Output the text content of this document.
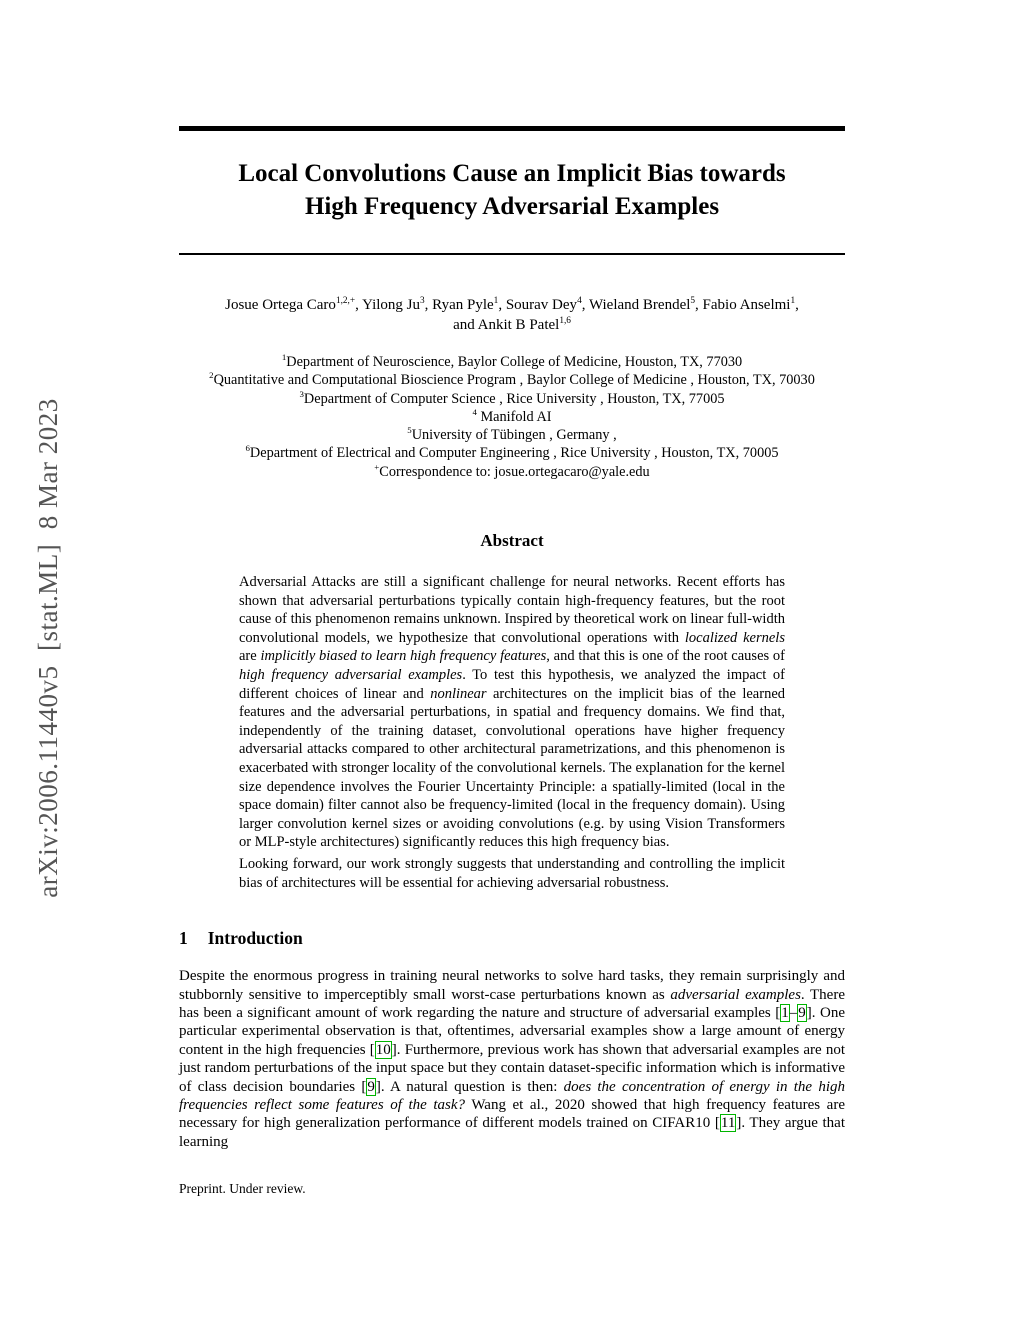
arXiv:2006.11440v5  [stat.ML]  8 Mar 2023
Local Convolutions Cause an Implicit Bias towards
High Frequency Adversarial Examples
Josue Ortega Caro$^{1,2,+}$, Yilong Ju$^3$, Ryan Pyle$^1$, Sourav Dey$^4$, Wieland Brendel$^5$, Fabio Anselmi$^1$,
and Ankit B Patel$^{1,6}$
$^1$Department of Neuroscience, Baylor College of Medicine, Houston, TX, 77030
$^2$Quantitative and Computational Bioscience Program , Baylor College of Medicine , Houston, TX, 70030
$^3$Department of Computer Science , Rice University , Houston, TX, 77005
$^4$ Manifold AI
$^5$University of Tübingen , Germany ,
$^6$Department of Electrical and Computer Engineering , Rice University , Houston, TX, 70005
+Correspondence to: josue.ortegacaro@yale.edu
Abstract
Adversarial Attacks are still a significant challenge for neural networks. Recent efforts has shown that adversarial perturbations typically contain high-frequency features, but the root cause of this phenomenon remains unknown. Inspired by theoretical work on linear full-width convolutional models, we hypothesize that convolutional operations with localized kernels are implicitly biased to learn high frequency features, and that this is one of the root causes of high frequency adversarial examples. To test this hypothesis, we analyzed the impact of different choices of linear and nonlinear architectures on the implicit bias of the learned features and the adversarial perturbations, in spatial and frequency domains. We find that, independently of the training dataset, convolutional operations have higher frequency adversarial attacks compared to other architectural parametrizations, and this phenomenon is exacerbated with stronger locality of the convolutional kernels. The explanation for the kernel size dependence involves the Fourier Uncertainty Principle: a spatially-limited (local in the space domain) filter cannot also be frequency-limited (local in the frequency domain). Using larger convolution kernel sizes or avoiding convolutions (e.g. by using Vision Transformers or MLP-style architectures) significantly reduces this high frequency bias.
Looking forward, our work strongly suggests that understanding and controlling the implicit bias of architectures will be essential for achieving adversarial robustness.
1 Introduction
Despite the enormous progress in training neural networks to solve hard tasks, they remain surprisingly and stubbornly sensitive to imperceptibly small worst-case perturbations known as adversarial examples. There has been a significant amount of work regarding the nature and structure of adversarial examples [1–9]. One particular experimental observation is that, oftentimes, adversarial examples show a large amount of energy content in the high frequencies [10]. Furthermore, previous work has shown that adversarial examples are not just random perturbations of the input space but they contain dataset-specific information which is informative of class decision boundaries [9]. A natural question is then: does the concentration of energy in the high frequencies reflect some features of the task? Wang et al., 2020 showed that high frequency features are necessary for high generalization performance of different models trained on CIFAR10 [11]. They argue that learning
Preprint. Under review.
